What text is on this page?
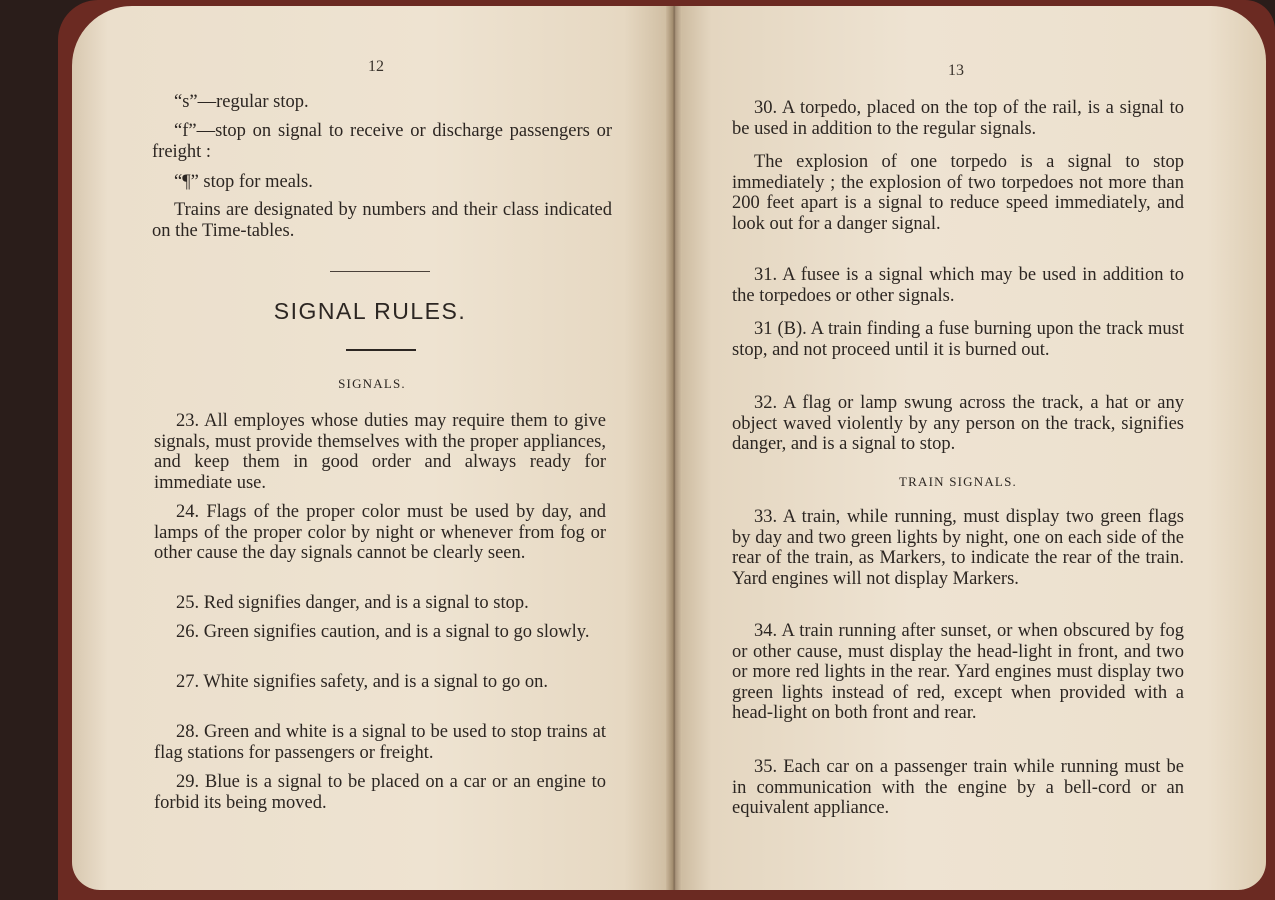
12

“s”—regular stop.

“f”—stop on signal to receive or discharge passengers or freight :

“¶” stop for meals.

Trains are designated by numbers and their class indicated on the Time-tables.

SIGNAL RULES.
SIGNALS.

23. All employes whose duties may require them to give signals, must provide themselves with the proper appliances, and keep them in good order and always ready for immediate use.

24. Flags of the proper color must be used by day, and lamps of the proper color by night or whenever from fog or other cause the day signals cannot be clearly seen.

25. Red signifies danger, and is a signal to stop.

26. Green signifies caution, and is a signal to go slowly.

27. White signifies safety, and is a signal to go on.

28. Green and white is a signal to be used to stop trains at flag stations for passengers or freight.

29. Blue is a signal to be placed on a car or an engine to forbid its being moved.

13

30. A torpedo, placed on the top of the rail, is a signal to be used in addition to the regular signals.

The explosion of one torpedo is a signal to stop immediately ; the explosion of two torpedoes not more than 200 feet apart is a signal to reduce speed immediately, and look out for a danger signal.

31. A fusee is a signal which may be used in addition to the torpedoes or other signals.

31 (B). A train finding a fuse burning upon the track must stop, and not proceed until it is burned out.

32. A flag or lamp swung across the track, a hat or any object waved violently by any person on the track, signifies danger, and is a signal to stop.

TRAIN SIGNALS.

33. A train, while running, must display two green flags by day and two green lights by night, one on each side of the rear of the train, as Markers, to indicate the rear of the train. Yard engines will not display Markers.

34. A train running after sunset, or when obscured by fog or other cause, must display the head-light in front, and two or more red lights in the rear. Yard engines must display two green lights instead of red, except when provided with a head-light on both front and rear.

35. Each car on a passenger train while running must be in communication with the engine by a bell-cord or an equivalent appliance.
